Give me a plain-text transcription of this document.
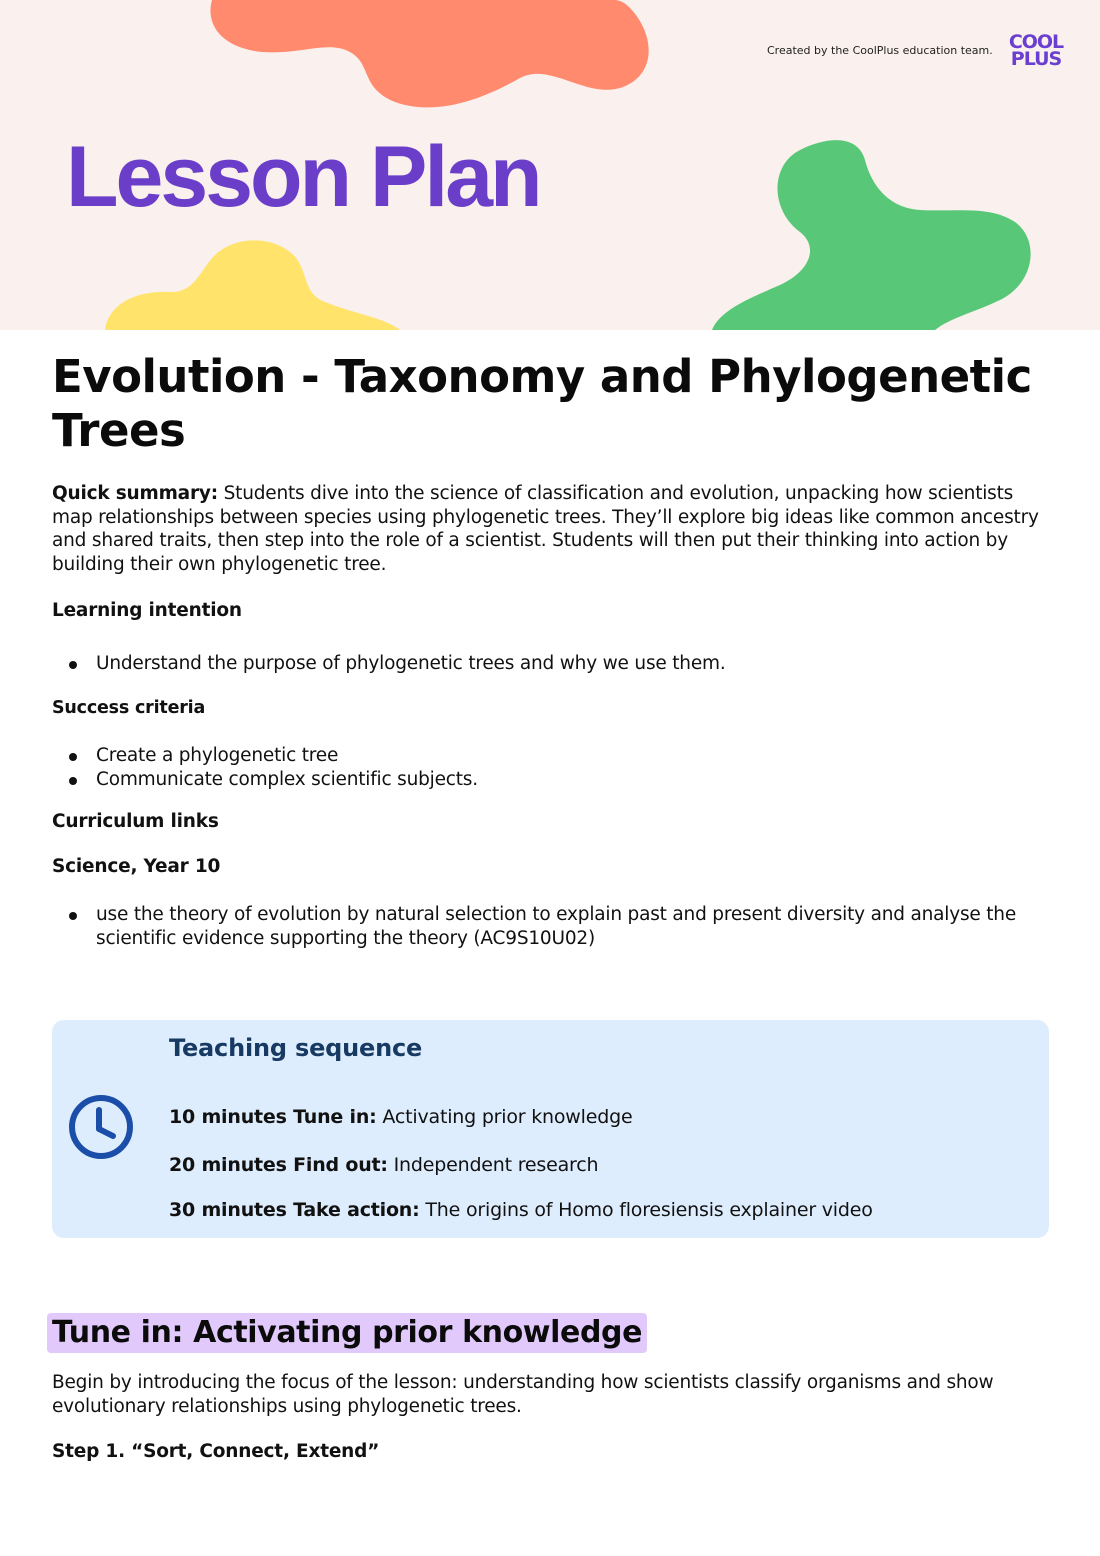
Created by the CoolPlus education team. COOL
PLUS
Lesson Plan
Evolution - Taxonomy and Phylogenetic Trees

Quick summary: Students dive into the science of classification and evolution, unpacking how scientists map relationships between species using phylogenetic trees. They’ll explore big ideas like common ancestry and shared traits, then step into the role of a scientist. Students will then put their thinking into action by building their own phylogenetic tree.

Learning intention

Understand the purpose of phylogenetic trees and why we use them.

Success criteria

Create a phylogenetic tree
Communicate complex scientific subjects.

Curriculum links

Science, Year 10

use the theory of evolution by natural selection to explain past and present diversity and analyse the scientific evidence supporting the theory (AC9S10U02)
Teaching sequence
10 minutes Tune in: Activating prior knowledge
20 minutes Find out: Independent research
30 minutes Take action: The origins of Homo floresiensis explainer video
Tune in: Activating prior knowledge

Begin by introducing the focus of the lesson: understanding how scientists classify organisms and show evolutionary relationships using phylogenetic trees.

Step 1. “Sort, Connect, Extend”
